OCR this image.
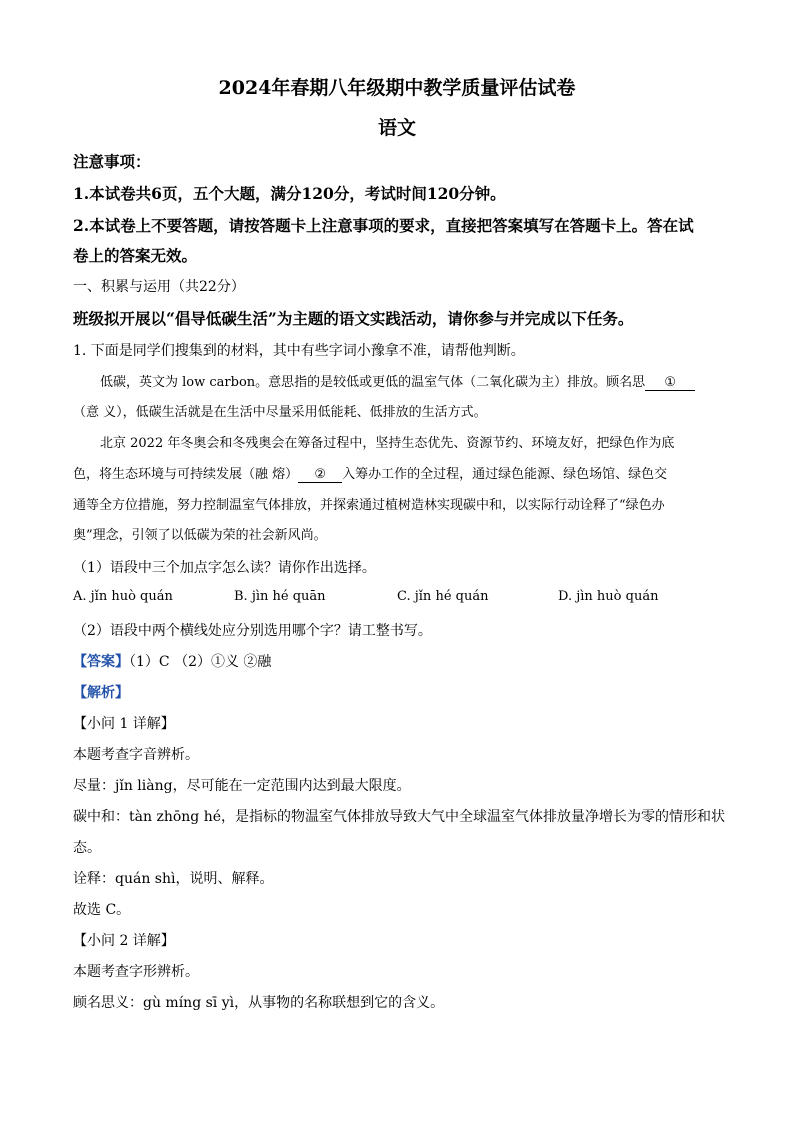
2024年春期八年级期中教学质量评估试卷
语文
注意事项：
1.本试卷共6页，五个大题，满分120分，考试时间120分钟。
2.本试卷上不要答题，请按答题卡上注意事项的要求，直接把答案填写在答题卡上。答在试
卷上的答案无效。
一、积累与运用（共22分）
班级拟开展以“倡导低碳生活”为主题的语文实践活动，请你参与并完成以下任务。
1. 下面是同学们搜集到的材料，其中有些字词小豫拿不准，请帮他判断。
低碳，英文为 low carbon。意思指的是较低或更低的温室气体（二氧化碳为主）排放。顾名思 ①
（意 义），低碳生活就是在生活中尽量采用低能耗、低排放的生活方式。
北京 2022 年冬奥会和冬残奥会在筹备过程中，坚持生态优先、资源节约、环境友好，把绿色作为底
色，将生态环境与可持续发展（融 熔） ② 入筹办工作的全过程，通过绿色能源、绿色场馆、绿色交
通等全方位措施，努力控制温室气体排放，并探索通过植树造林实现碳中和，以实际行动诠释了“绿色办
奥”理念，引领了以低碳为荣的社会新风尚。
（1）语段中三个加点字怎么读？请你作出选择。
A. jǐn huò quán	B. jìn hé quān	C. jǐn hé quán	D. jìn huò quán
（2）语段中两个横线处应分别选用哪个字？请工整书写。
【答案】（1）C （2）①义 ②融
【解析】
【小问 1 详解】
本题考查字音辨析。
尽量：jǐn liàng，尽可能在一定范围内达到最大限度。
碳中和：tàn zhōng hé，是指标的物温室气体排放导致大气中全球温室气体排放量净增长为零的情形和状
态。
诠释：quán shì，说明、解释。
故选 C。
【小问 2 详解】
本题考查字形辨析。
顾名思义：gù míng sī yì，从事物的名称联想到它的含义。
